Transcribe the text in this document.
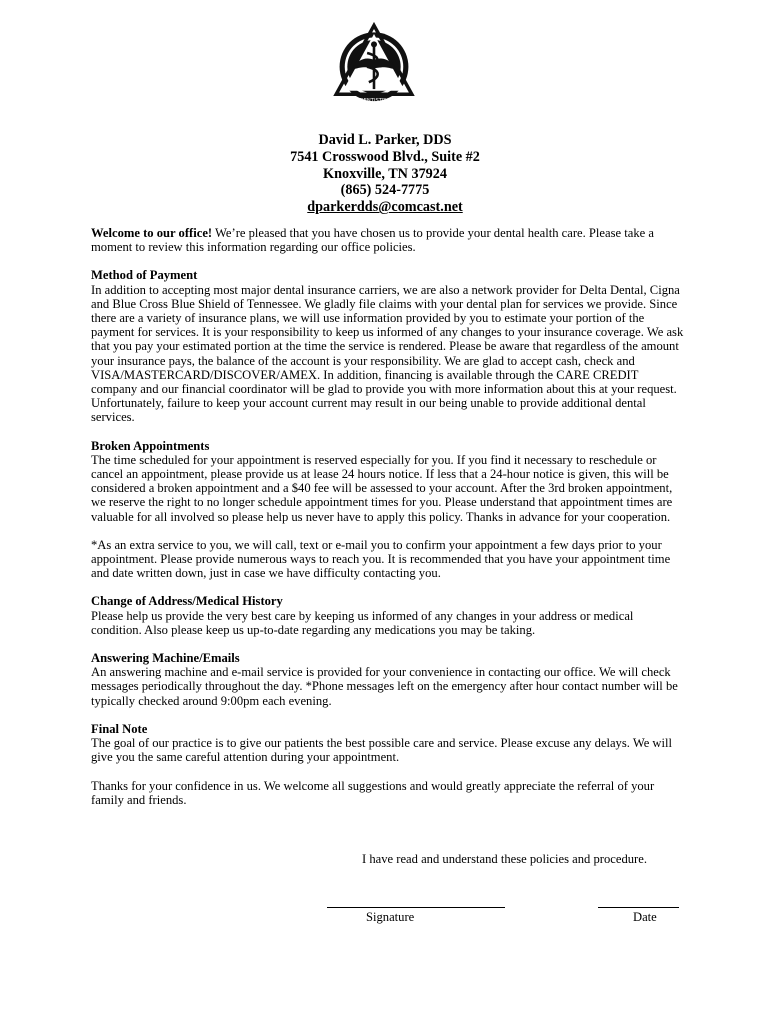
DENTISTRY
David L. Parker, DDS
7541 Crosswood Blvd., Suite #2
Knoxville, TN 37924
(865) 524-7775
dparkerdds@comcast.net

Welcome to our office! We’re pleased that you have chosen us to provide your dental health care. Please take a moment to review this information regarding our office policies.

Method of Payment
In addition to accepting most major dental insurance carriers, we are also a network provider for Delta Dental, Cigna and Blue Cross Blue Shield of Tennessee. We gladly file claims with your dental plan for services we provide. Since there are a variety of insurance plans, we will use information provided by you to estimate your portion of the payment for services. It is your responsibility to keep us informed of any changes to your insurance coverage. We ask that you pay your estimated portion at the time the service is rendered. Please be aware that regardless of the amount your insurance pays, the balance of the account is your responsibility. We are glad to accept cash, check and VISA/MASTERCARD/DISCOVER/AMEX. In addition, financing is available through the CARE CREDIT company and our financial coordinator will be glad to provide you with more information about this at your request. Unfortunately, failure to keep your account current may result in our being unable to provide additional dental services.

Broken Appointments
The time scheduled for your appointment is reserved especially for you. If you find it necessary to reschedule or cancel an appointment, please provide us at lease 24 hours notice. If less that a 24-hour notice is given, this will be considered a broken appointment and a $40 fee will be assessed to your account. After the 3rd broken appointment, we reserve the right to no longer schedule appointment times for you. Please understand that appointment times are valuable for all involved so please help us never have to apply this policy. Thanks in advance for your cooperation.

*As an extra service to you, we will call, text or e-mail you to confirm your appointment a few days prior to your appointment. Please provide numerous ways to reach you. It is recommended that you have your appointment time and date written down, just in case we have difficulty contacting you.

Change of Address/Medical History
Please help us provide the very best care by keeping us informed of any changes in your address or medical condition. Also please keep us up-to-date regarding any medications you may be taking.

Answering Machine/Emails
An answering machine and e-mail service is provided for your convenience in contacting our office. We will check messages periodically throughout the day. *Phone messages left on the emergency after hour contact number will be typically checked around 9:00pm each evening.

Final Note
The goal of our practice is to give our patients the best possible care and service. Please excuse any delays. We will give you the same careful attention during your appointment.

Thanks for your confidence in us. We welcome all suggestions and would greatly appreciate the referral of your family and friends.

I have read and understand these policies and procedure.
Signature	Date
